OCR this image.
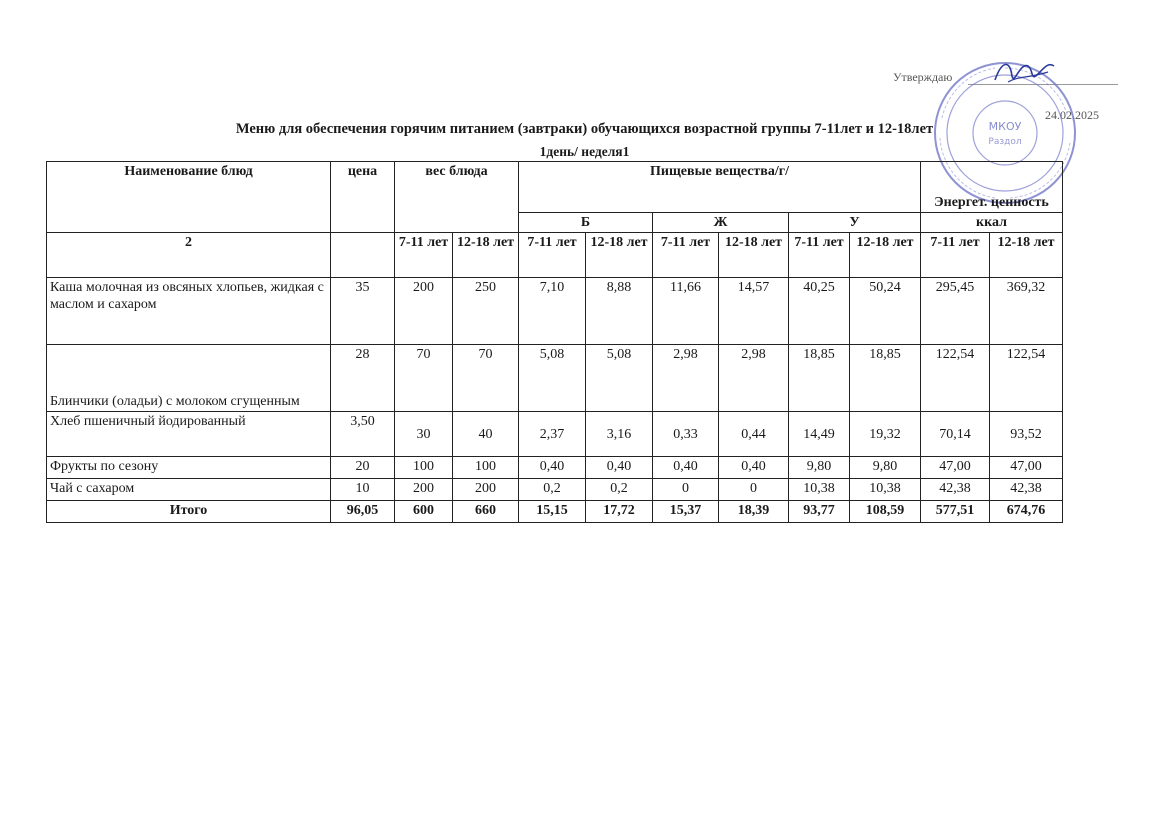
Утверждаю
24.02.2025
МКОУ
Раздол
Меню для обеспечения горячим питанием (завтраки) обучающихся возрастной группы 7-11лет и 12-18лет
1день/ неделя1
Наименование блюд	цена	вес блюда		Пищевые вещества/г/						Энергет. ценность	
				Б		Ж		У		ккал	
2		7-11 лет	12-18 лет	7-11 лет	12-18 лет	7-11 лет	12-18 лет	7-11 лет	12-18 лет	7-11 лет	12-18 лет
Каша молочная из овсяных хлопьев, жидкая с маслом и сахаром	35	200	250	7,10	8,88	11,66	14,57	40,25	50,24	295,45	369,32
Блинчики (оладьи) с молоком сгущенным	28	70	70	5,08	5,08	2,98	2,98	18,85	18,85	122,54	122,54
Хлеб пшеничный йодированный	3,50	30	40	2,37	3,16	0,33	0,44	14,49	19,32	70,14	93,52
Фрукты по сезону	20	100	100	0,40	0,40	0,40	0,40	9,80	9,80	47,00	47,00
Чай с сахаром	10	200	200	0,2	0,2	0	0	10,38	10,38	42,38	42,38
Итого	96,05	600	660	15,15	17,72	15,37	18,39	93,77	108,59	577,51	674,76
